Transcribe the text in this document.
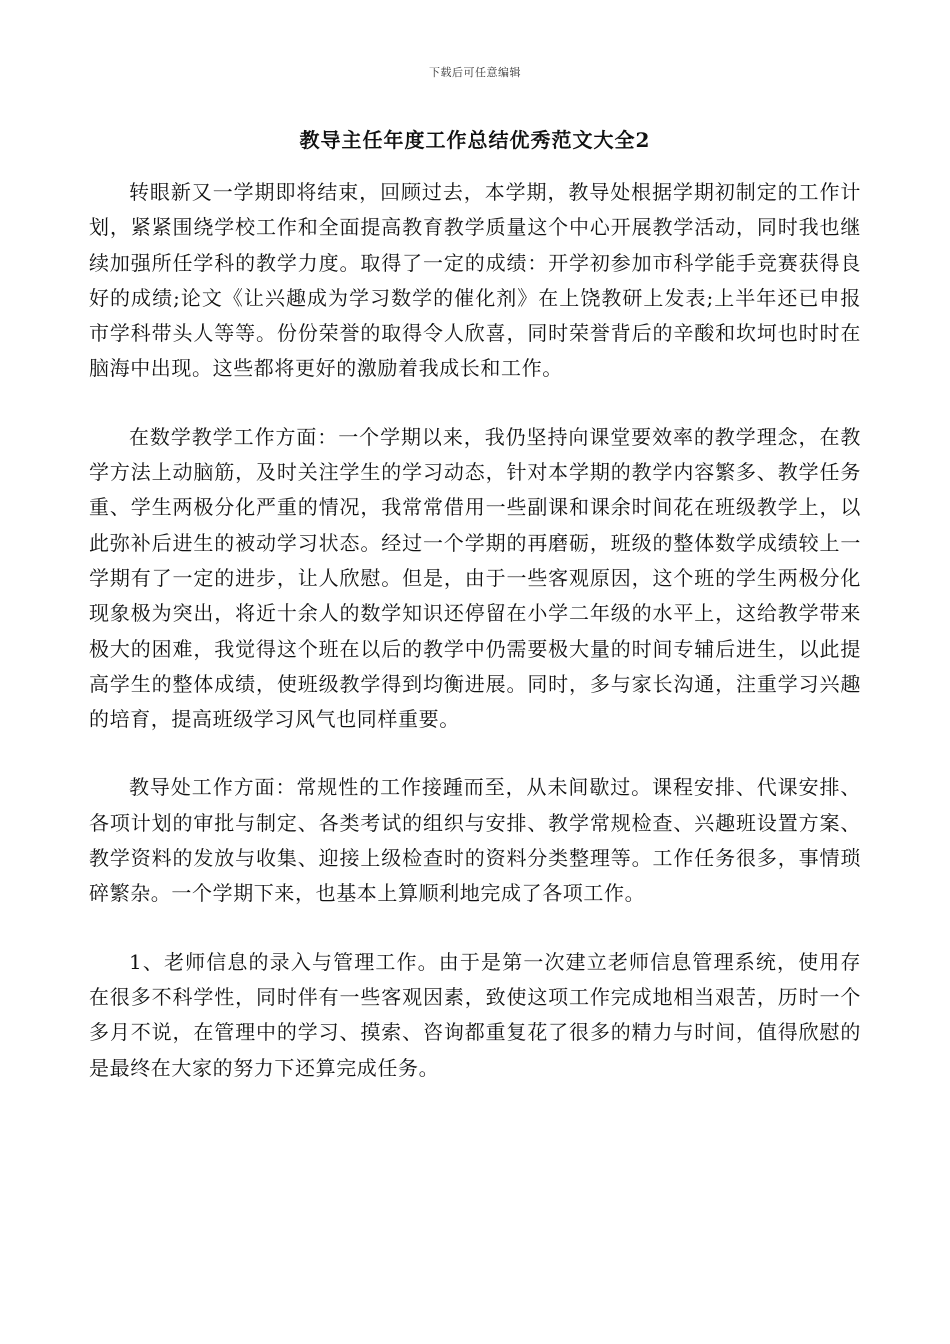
下载后可任意编辑
教导主任年度工作总结优秀范文大全2

转眼新又一学期即将结束，回顾过去，本学期，教导处根据学期初制定的工作计划，紧紧围绕学校工作和全面提高教育教学质量这个中心开展教学活动，同时我也继续加强所任学科的教学力度。取得了一定的成绩：开学初参加市科学能手竞赛获得良好的成绩;论文《让兴趣成为学习数学的催化剂》在上饶教研上发表;上半年还已申报市学科带头人等等。份份荣誉的取得令人欣喜，同时荣誉背后的辛酸和坎坷也时时在脑海中出现。这些都将更好的激励着我成长和工作。

在数学教学工作方面：一个学期以来，我仍坚持向课堂要效率的教学理念，在教学方法上动脑筋，及时关注学生的学习动态，针对本学期的教学内容繁多、教学任务重、学生两极分化严重的情况，我常常借用一些副课和课余时间花在班级教学上，以此弥补后进生的被动学习状态。经过一个学期的再磨砺，班级的整体数学成绩较上一学期有了一定的进步，让人欣慰。但是，由于一些客观原因，这个班的学生两极分化现象极为突出，将近十余人的数学知识还停留在小学二年级的水平上，这给教学带来极大的困难，我觉得这个班在以后的教学中仍需要极大量的时间专辅后进生，以此提高学生的整体成绩，使班级教学得到均衡进展。同时，多与家长沟通，注重学习兴趣的培育，提高班级学习风气也同样重要。

教导处工作方面：常规性的工作接踵而至，从未间歇过。课程安排、代课安排、各项计划的审批与制定、各类考试的组织与安排、教学常规检查、兴趣班设置方案、教学资料的发放与收集、迎接上级检查时的资料分类整理等。工作任务很多，事情琐碎繁杂。一个学期下来，也基本上算顺利地完成了各项工作。

1、老师信息的录入与管理工作。由于是第一次建立老师信息管理系统，使用存在很多不科学性，同时伴有一些客观因素，致使这项工作完成地相当艰苦，历时一个多月不说，在管理中的学习、摸索、咨询都重复花了很多的精力与时间，值得欣慰的是最终在大家的努力下还算完成任务。
